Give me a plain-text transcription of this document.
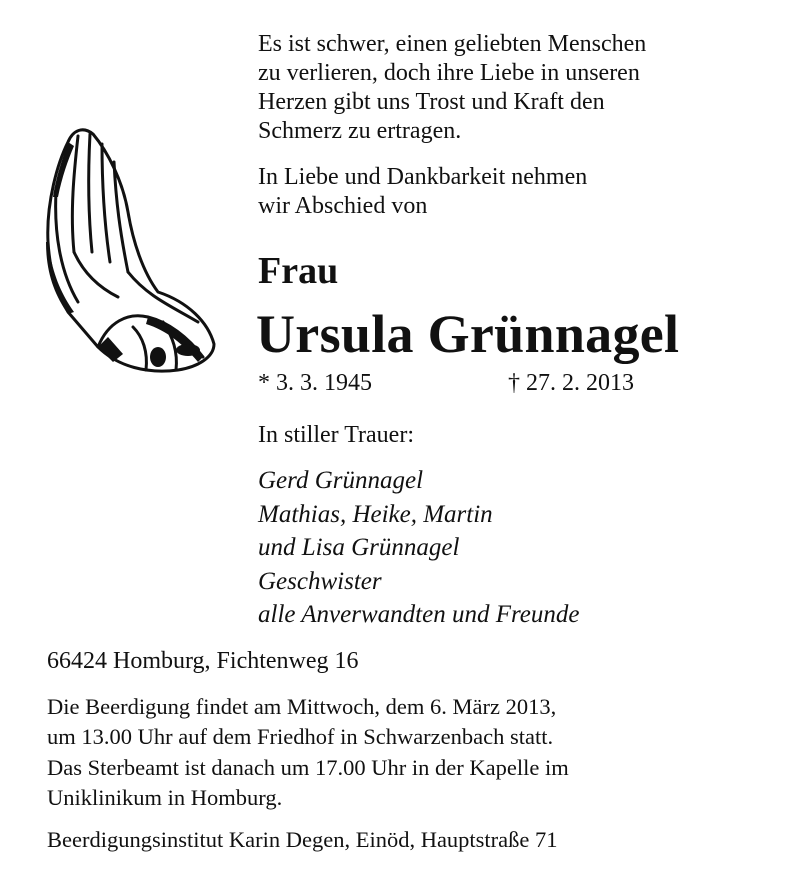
Es ist schwer, einen geliebten Menschen
zu verlieren, doch ihre Liebe in unseren
Herzen gibt uns Trost und Kraft den
Schmerz zu ertragen.
In Liebe und Dankbarkeit nehmen
wir Abschied von
Frau
Ursula Grünnagel
* 3. 3. 1945	† 27. 2. 2013
In stiller Trauer:
Gerd Grünnagel
Mathias, Heike, Martin
und Lisa Grünnagel
Geschwister
alle Anverwandten und Freunde
66424 Homburg, Fichtenweg 16
Die Beerdigung findet am Mittwoch, dem 6. März 2013,
um 13.00 Uhr auf dem Friedhof in Schwarzenbach statt.
Das Sterbeamt ist danach um 17.00 Uhr in der Kapelle im
Uniklinikum in Homburg.
Beerdigungsinstitut Karin Degen, Einöd, Hauptstraße 71
